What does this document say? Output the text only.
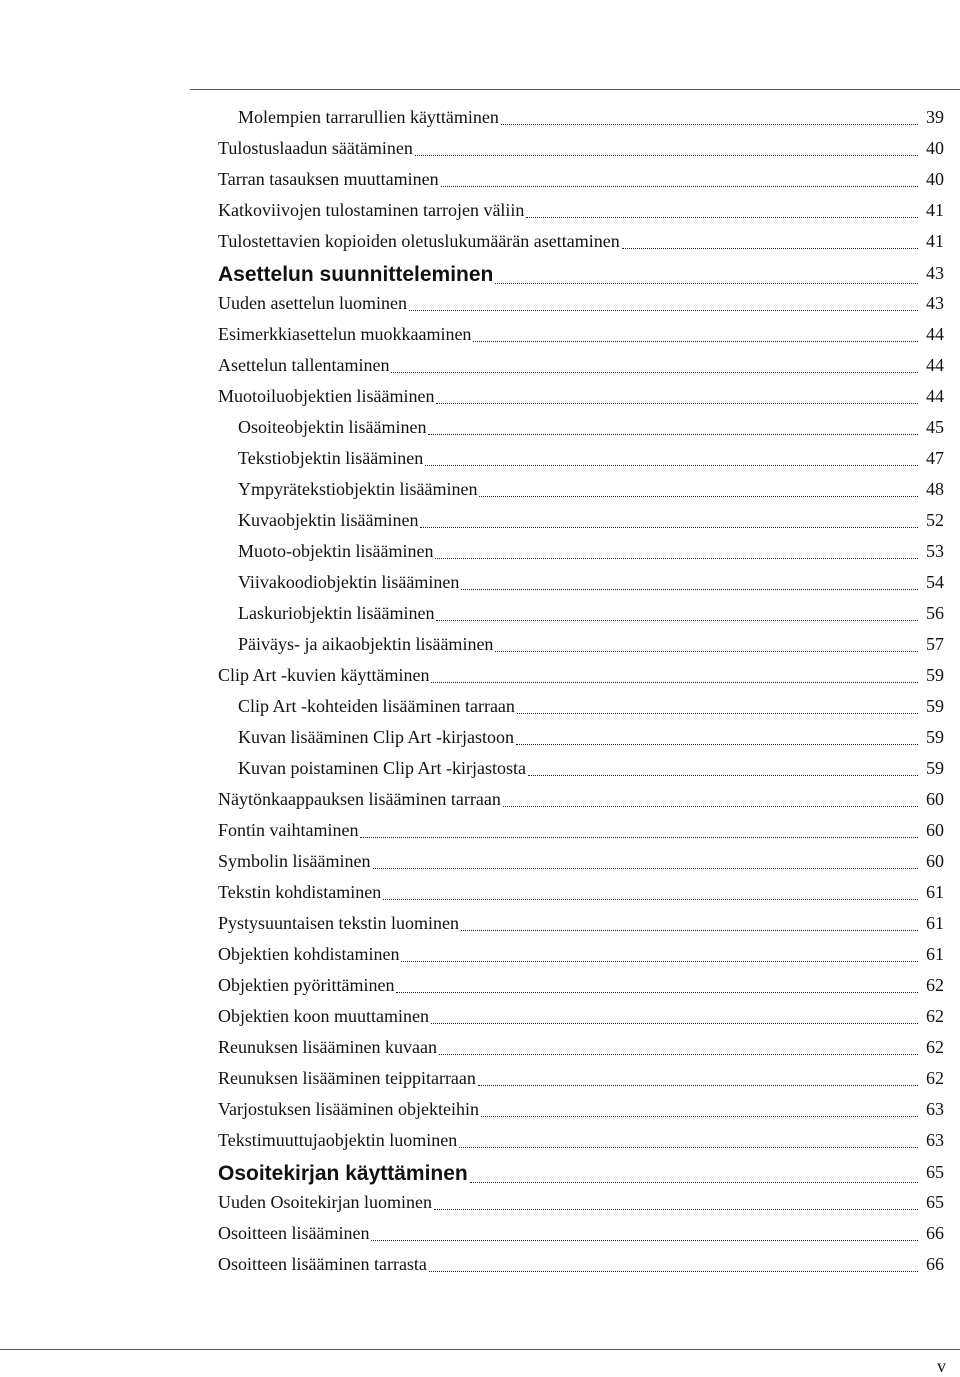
Molempien tarrarullien käyttäminen	39
Tulostuslaadun säätäminen	40
Tarran tasauksen muuttaminen	40
Katkoviivojen tulostaminen tarrojen väliin	41
Tulostettavien kopioiden oletuslukumäärän asettaminen	41
Asettelun suunnitteleminen	43
Uuden asettelun luominen	43
Esimerkkiasettelun muokkaaminen	44
Asettelun tallentaminen	44
Muotoiluobjektien lisääminen	44
Osoiteobjektin lisääminen	45
Tekstiobjektin lisääminen	47
Ympyrätekstiobjektin lisääminen	48
Kuvaobjektin lisääminen	52
Muoto-objektin lisääminen	53
Viivakoodiobjektin lisääminen	54
Laskuriobjektin lisääminen	56
Päiväys- ja aikaobjektin lisääminen	57
Clip Art -kuvien käyttäminen	59
Clip Art -kohteiden lisääminen tarraan	59
Kuvan lisääminen Clip Art -kirjastoon	59
Kuvan poistaminen Clip Art -kirjastosta	59
Näytönkaappauksen lisääminen tarraan	60
Fontin vaihtaminen	60
Symbolin lisääminen	60
Tekstin kohdistaminen	61
Pystysuuntaisen tekstin luominen	61
Objektien kohdistaminen	61
Objektien pyörittäminen	62
Objektien koon muuttaminen	62
Reunuksen lisääminen kuvaan	62
Reunuksen lisääminen teippitarraan	62
Varjostuksen lisääminen objekteihin	63
Tekstimuuttujaobjektin luominen	63
Osoitekirjan käyttäminen	65
Uuden Osoitekirjan luominen	65
Osoitteen lisääminen	66
Osoitteen lisääminen tarrasta	66
v
